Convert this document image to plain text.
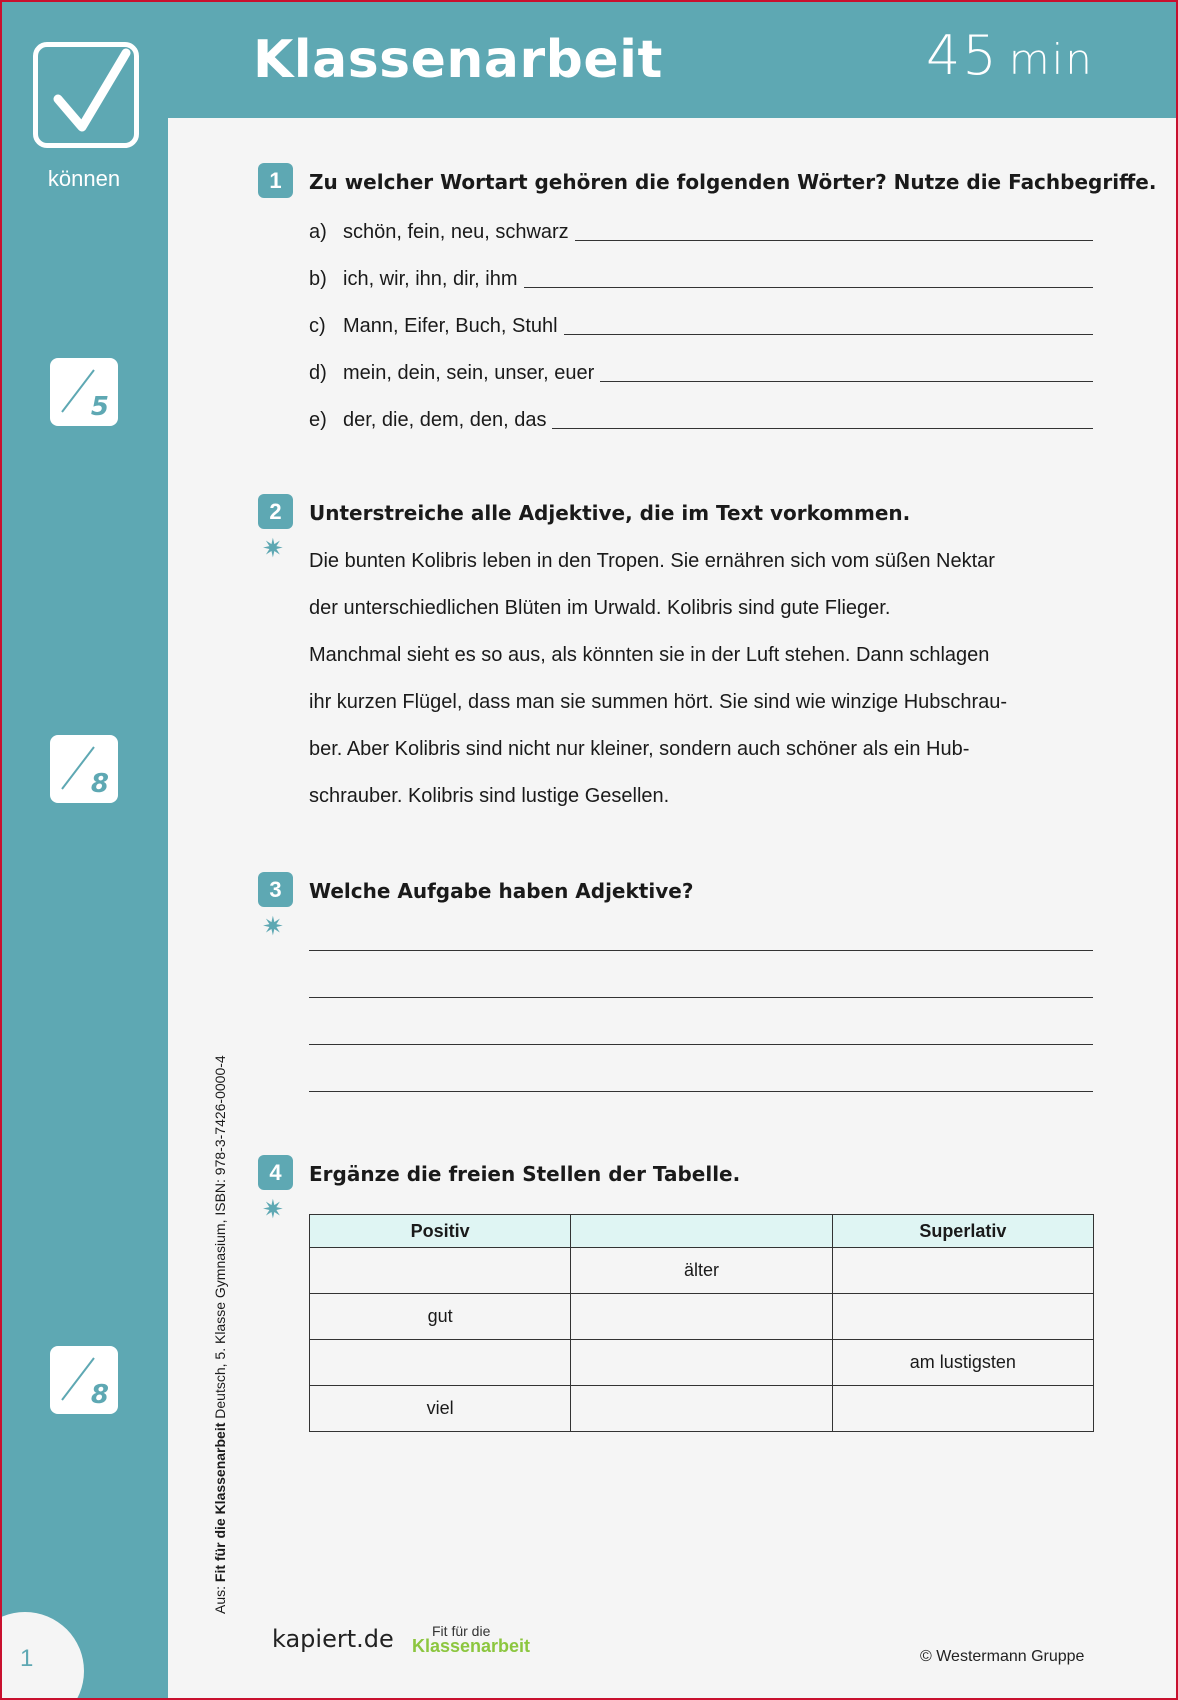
können
Klassenarbeit	45 min
5
8
8
1
Aus: Fit für die Klassenarbeit Deutsch, 5. Klasse Gymnasium, ISBN: 978-3-7426-0000-4
1	Zu welcher Wortart gehören die folgenden Wörter? Nutze die Fachbegriffe.
a) schön, fein, neu, schwarz
b) ich, wir, ihn, dir, ihm
c) Mann, Eifer, Buch, Stuhl
d) mein, dein, sein, unser, euer
e) der, die, dem, den, das
2
✷
Unterstreiche alle Adjektive, die im Text vorkommen.
Die bunten Kolibris leben in den Tropen. Sie ernähren sich vom süßen Nektar
der unterschiedlichen Blüten im Urwald. Kolibris sind gute Flieger.
Manchmal sieht es so aus, als könnten sie in der Luft stehen. Dann schlagen
ihr kurzen Flügel, dass man sie summen hört. Sie sind wie winzige Hubschrau-
ber. Aber Kolibris sind nicht nur kleiner, sondern auch schöner als ein Hub-
schrauber. Kolibris sind lustige Gesellen.
3
✷
Welche Aufgabe haben Adjektive?
4
✷
Ergänze die freien Stellen der Tabelle.
Positiv		Superlativ
	älter	
gut		
		am lustigsten
viel		
kapiert.de	Fit für die
Klassenarbeit
© Westermann Gruppe
